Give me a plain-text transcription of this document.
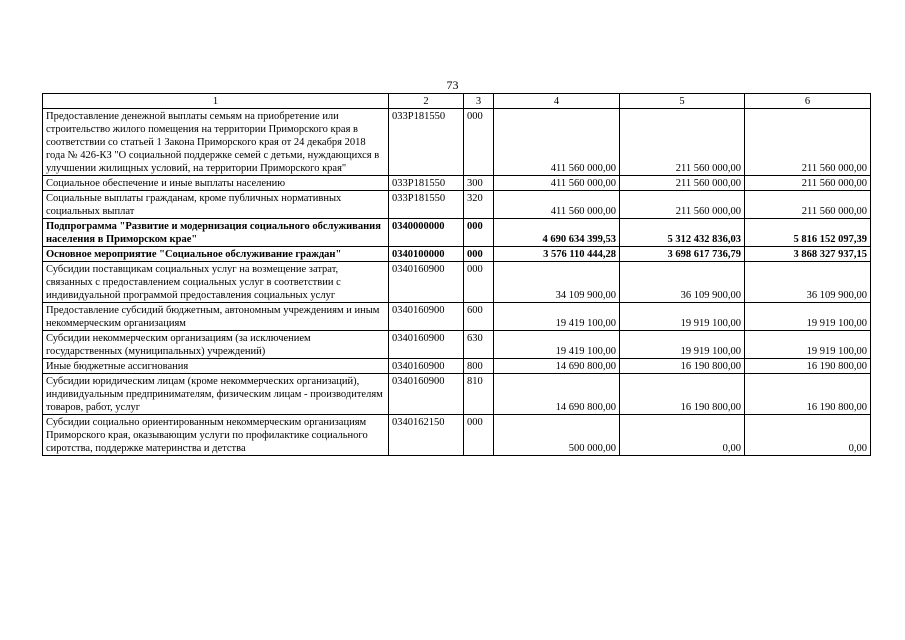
73
1	2	3	4	5	6
Предоставление денежной выплаты семьям на приобретение или строительство жилого помещения на территории Приморского края в соответствии со статьей 1 Закона Приморского края от 24 декабря 2018 года № 426-КЗ "О социальной поддержке семей с детьми, нуждающихся в улучшении жилищных условий, на территории Приморского края"	033P181550	000	411 560 000,00	211 560 000,00	211 560 000,00
Социальное обеспечение и иные выплаты населению	033P181550	300	411 560 000,00	211 560 000,00	211 560 000,00
Социальные выплаты гражданам, кроме публичных нормативных социальных выплат	033P181550	320	411 560 000,00	211 560 000,00	211 560 000,00
Подпрограмма "Развитие и модернизация социального обслуживания населения в Приморском крае"	0340000000	000	4 690 634 399,53	5 312 432 836,03	5 816 152 097,39
Основное мероприятие "Социальное обслуживание граждан"	0340100000	000	3 576 110 444,28	3 698 617 736,79	3 868 327 937,15
Субсидии поставщикам социальных услуг на возмещение затрат, связанных с предоставлением социальных услуг в соответствии с индивидуальной программой предоставления социальных услуг	0340160900	000	34 109 900,00	36 109 900,00	36 109 900,00
Предоставление субсидий бюджетным, автономным учреждениям и иным некоммерческим организациям	0340160900	600	19 419 100,00	19 919 100,00	19 919 100,00
Субсидии некоммерческим организациям (за исключением государственных (муниципальных) учреждений)	0340160900	630	19 419 100,00	19 919 100,00	19 919 100,00
Иные бюджетные ассигнования	0340160900	800	14 690 800,00	16 190 800,00	16 190 800,00
Субсидии юридическим лицам (кроме некоммерческих организаций), индивидуальным предпринимателям, физическим лицам - производителям товаров, работ, услуг	0340160900	810	14 690 800,00	16 190 800,00	16 190 800,00
Субсидии социально ориентированным некоммерческим организациям Приморского края, оказывающим услуги по профилактике социального сиротства, поддержке материнства и детства	0340162150	000	500 000,00	0,00	0,00
